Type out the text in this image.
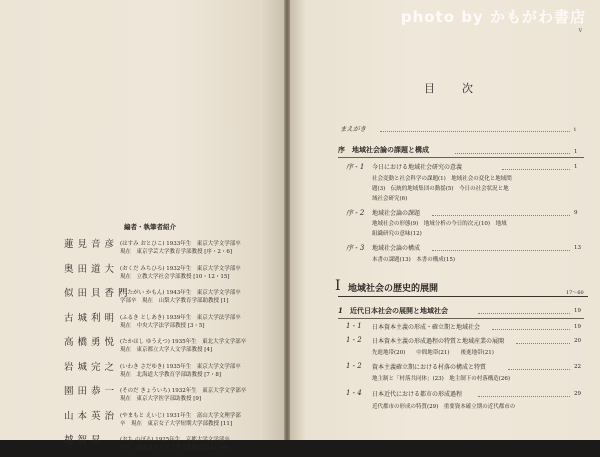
photo by かもがわ書店
v
編者・執筆者紹介
蓮見音彦 (はすみ おとひこ) 1933年生　東京大学文学部卒
現在　東京学芸大学教育学部教授 [序・2・6]
奥田道大 (おくだ みちひろ) 1932年生　東京大学文学部卒
現在　立教大学社会学部教授 [10・12・15]
似田貝香門
(にたがい かもん) 1943年生　東京大学文学部卒
学部卒　現在　山梨大学教育学部助教授 [1]
古城利明 (ふるき としあき) 1939年生　東京大学法学部卒
現在　中央大学法学部教授 [3・5]
高橋勇悦 (たかはし ゆうえつ) 1935年生　東北大学文学部卒
現在　東京都立大学人文学部教授 [4]
岩城完之 (いわき さだゆき) 1935年生　東京大学文学部卒
現在　北海道大学教育学部助教授 [7・8]
園田恭一 (そのだ きょういち) 1932年生　東京大学文学部卒
現在　東京大学医学部助教授 [9]
山本英治 (やまもと えいじ) 1931年生　富山大学文理学部
卒　現在　東京女子大学短期大学部教授 [11]
越智昇	(おち のぼる) 1925年生　京都大学文学部卒
現在　横浜市立大学文理学部教授 [13・14]
目　次
まえがき	i
序　地域社会論の課題と構成	1
序 - 1 今日における地域社会研究の意義	1
社会変動と社会科学の課題(1)　地域社会の変化と地域問
題(3)　伝統的地域集団の動揺(5)　今日の社会状況と地
域社会研究(6)
序 - 2 地域社会論の課題	9
地域社会の形態(9)　地域分析の今日的次元(10)　地域
組織研究の意味(12)
序 - 3 地域社会論の構成	13
本書の課題(13)　本書の構成(15)
I 地域社会の歴史的展開	17〜60
1 近代日本社会の展開と地域社会	19
1 - 1 日本資本主義の形成・確立期と地域社会	19
1 - 2 日本資本主義の形成過程の特質と地域産業の展開	20
先進地帯(20)　　中間地帯(21)　　後進地帯(21)
1 - 2 資本主義確立期における村落の構成と特質	22
地主制と「村落共同体」(23)　地主制下の村落構造(26)
1 - 4 日本近代における都市の形成過程	29
近代都市の形成の特質(29)　重要資本確立期の近代都市の
